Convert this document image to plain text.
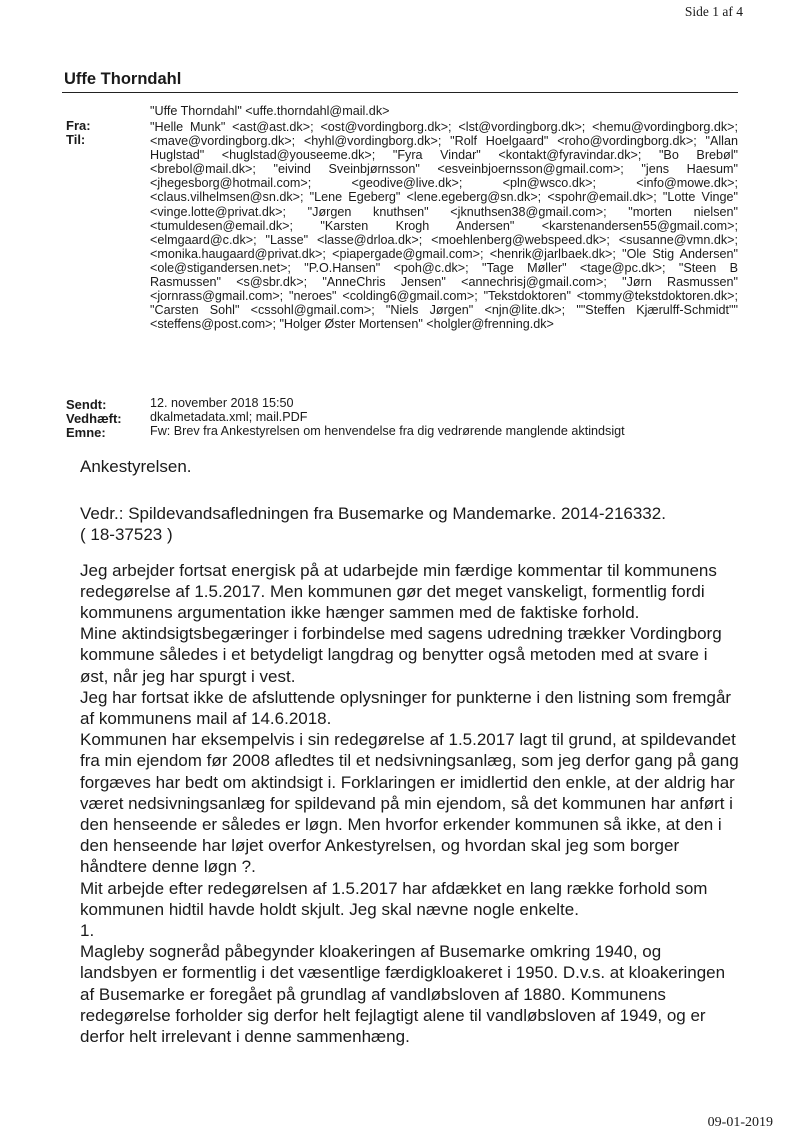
Side 1 af 4
Uffe Thorndahl
Fra:
Til:
"Uffe Thorndahl" <uffe.thorndahl@mail.dk>
"Helle Munk" <ast@ast.dk>; <ost@vordingborg.dk>; <lst@vordingborg.dk>; <hemu@vordingborg.dk>; <mave@vordingborg.dk>; <hyhl@vordingborg.dk>; "Rolf Hoelgaard" <roho@vordingborg.dk>; "Allan Huglstad" <huglstad@youseeme.dk>; "Fyra Vindar" <kontakt@fyravindar.dk>; "Bo Brebøl" <brebol@mail.dk>; "eivind Sveinbjørnsson" <esveinbjoernsson@gmail.com>; "jens Haesum" <jhegesborg@hotmail.com>; <geodive@live.dk>; <pln@wsco.dk>; <info@mowe.dk>; <claus.vilhelmsen@sn.dk>; "Lene Egeberg" <lene.egeberg@sn.dk>; <spohr@email.dk>; "Lotte Vinge" <vinge.lotte@privat.dk>; "Jørgen knuthsen" <jknuthsen38@gmail.com>; "morten nielsen" <tumuldesen@email.dk>; "Karsten Krogh Andersen" <karstenandersen55@gmail.com>; <elmgaard@c.dk>; "Lasse" <lasse@drloa.dk>; <moehlenberg@webspeed.dk>; <susanne@vmn.dk>; <monika.haugaard@privat.dk>; <piapergade@gmail.com>; <henrik@jarlbaek.dk>; "Ole Stig Andersen" <ole@stigandersen.net>; "P.O.Hansen" <poh@c.dk>; "Tage Møller" <tage@pc.dk>; "Steen B Rasmussen" <s@sbr.dk>; "AnneChris Jensen" <annechrisj@gmail.com>; "Jørn Rasmussen" <jornrass@gmail.com>; "neroes" <colding6@gmail.com>; "Tekstdoktoren" <tommy@tekstdoktoren.dk>; "Carsten Sohl" <cssohl@gmail.com>; "Niels Jørgen" <njn@lite.dk>; ""Steffen Kjærulff-Schmidt"" <steffens@post.com>; "Holger Øster Mortensen" <holgler@frenning.dk>
Sendt:	12. november 2018 15:50
Vedhæft: dkalmetadata.xml; mail.PDF
Emne:	Fw: Brev fra Ankestyrelsen om henvendelse fra dig vedrørende manglende aktindsigt

Ankestyrelsen.

Vedr.: Spildevandsafledningen fra Busemarke og Mandemarke. 2014-216332.

( 18-37523 )

Jeg arbejder fortsat energisk på at udarbejde min færdige kommentar til kommunens redegørelse af 1.5.2017. Men kommunen gør det meget vanskeligt, formentlig fordi kommunens argumentation ikke hænger sammen med de faktiske forhold.

Mine aktindsigtsbegæringer i forbindelse med sagens udredning trækker Vordingborg kommune således i et betydeligt langdrag og benytter også metoden med at svare i øst, når jeg har spurgt i vest.

Jeg har fortsat ikke de afsluttende oplysninger for punkterne i den listning som fremgår af kommunens mail af 14.6.2018.

Kommunen har eksempelvis i sin redegørelse af 1.5.2017 lagt til grund, at spildevandet fra min ejendom før 2008 afledtes til et nedsivningsanlæg, som jeg derfor gang på gang forgæves har bedt om aktindsigt i. Forklaringen er imidlertid den enkle, at der aldrig har været nedsivningsanlæg for spildevand på min ejendom, så det kommunen har anført i den henseende er således er løgn. Men hvorfor erkender kommunen så ikke, at den i den henseende har løjet overfor Ankestyrelsen, og hvordan skal jeg som borger håndtere denne løgn ?.

Mit arbejde efter redegørelsen af 1.5.2017 har afdækket en lang række forhold som kommunen hidtil havde holdt skjult. Jeg skal nævne nogle enkelte.

1.

Magleby sogneråd påbegynder kloakeringen af Busemarke omkring 1940, og landsbyen er formentlig i det væsentlige færdigkloakeret i 1950. D.v.s. at kloakeringen af Busemarke er foregået på grundlag af vandløbsloven af 1880. Kommunens redegørelse forholder sig derfor helt fejlagtigt alene til vandløbsloven af 1949, og er derfor helt irrelevant i denne sammenhæng.

09-01-2019
